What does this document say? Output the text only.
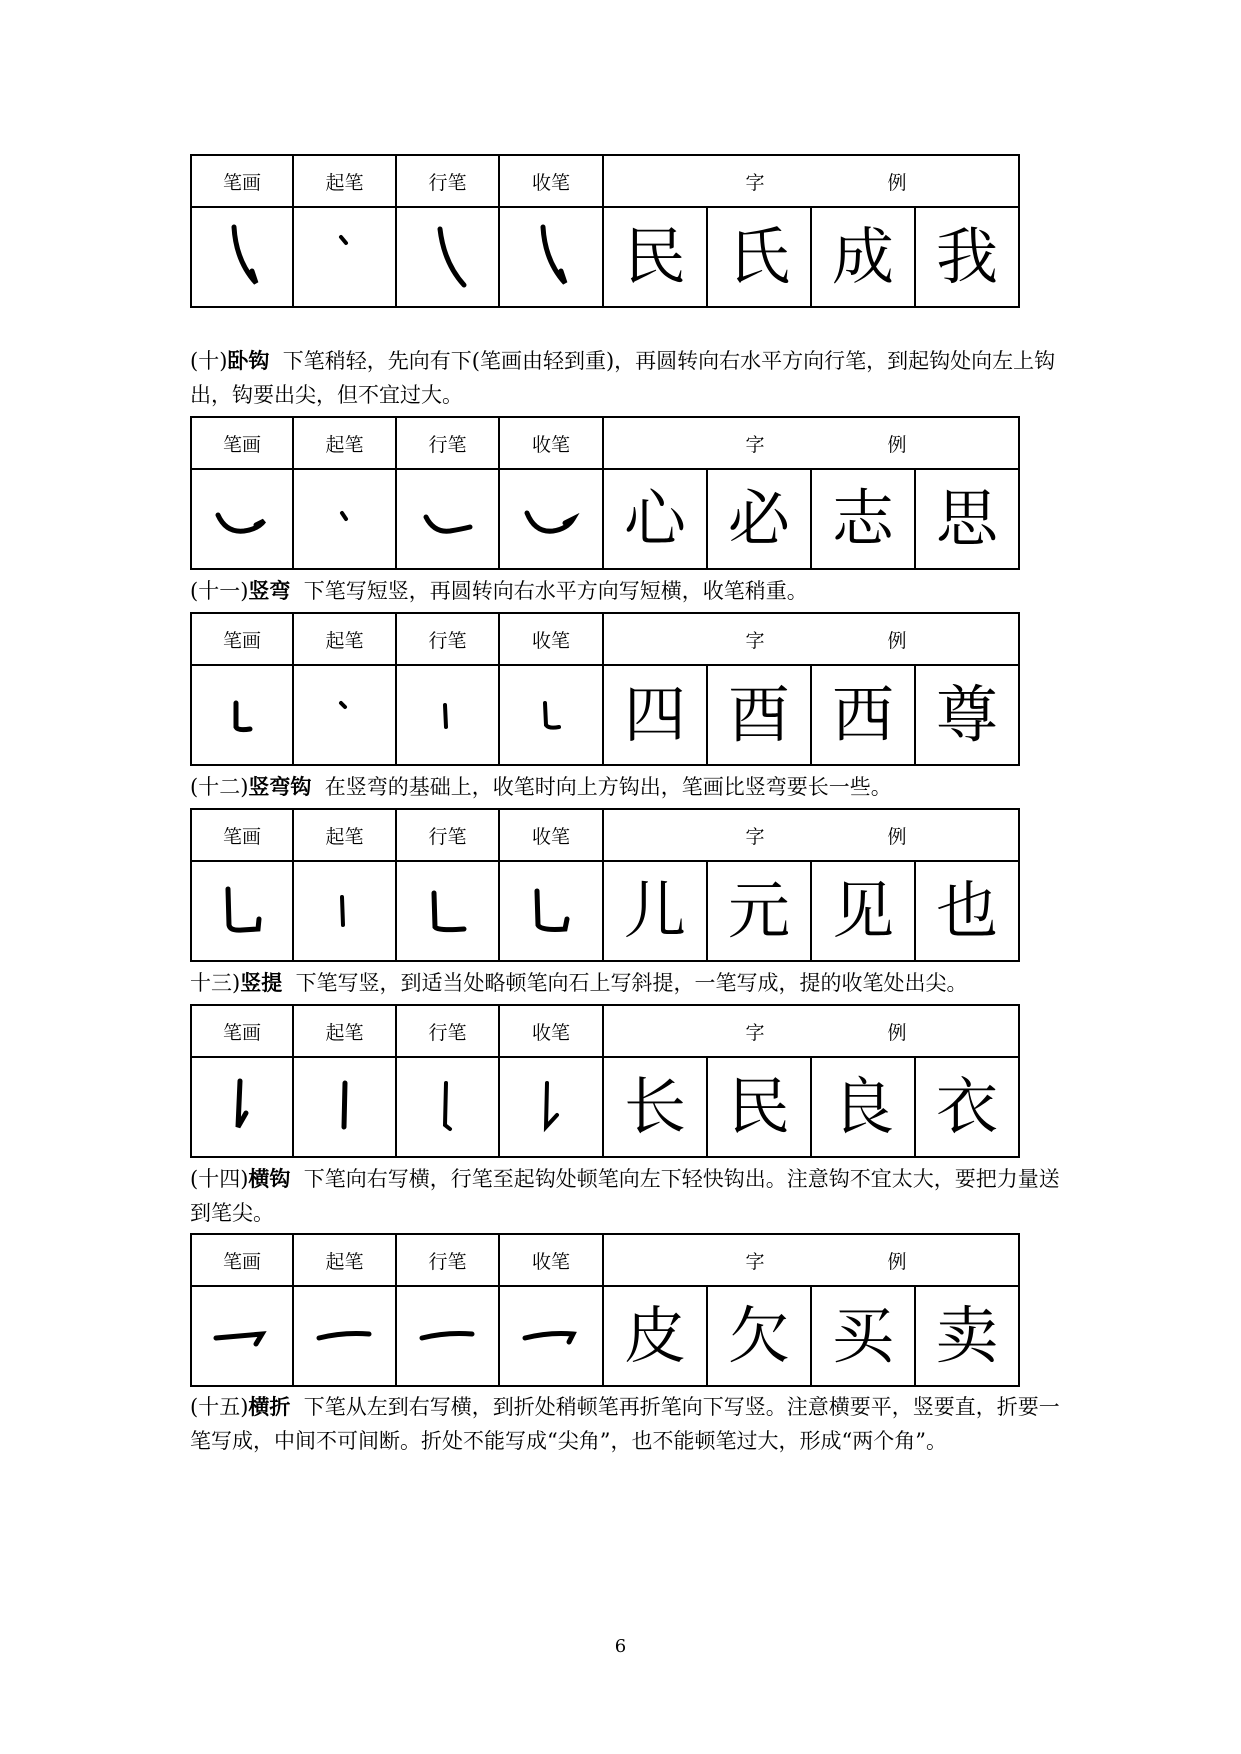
笔画	起笔	行笔	收笔	字	例

	民	氏	成	我
(十)卧钩 下笔稍轻，先向有下(笔画由轻到重)，再圆转向右水平方向行笔，到起钩处向左上钩出，钩要出尖，但不宜过大。
笔画	起笔	行笔	收笔	字	例

	心	必	志	思
(十一)竖弯 下笔写短竖，再圆转向右水平方向写短横，收笔稍重。
笔画	起笔	行笔	收笔	字	例

	四	酉	西	尊
(十二)竖弯钩 在竖弯的基础上，收笔时向上方钩出，笔画比竖弯要长一些。
笔画	起笔	行笔	收笔	字	例

	儿	元	见	也
十三)竖提 下笔写竖，到适当处略顿笔向石上写斜提，一笔写成，提的收笔处出尖。
笔画	起笔	行笔	收笔	字	例

	长	民	良	衣
(十四)横钩 下笔向右写横，行笔至起钩处顿笔向左下轻快钩出。注意钩不宜太大，要把力量送到笔尖。
笔画	起笔	行笔	收笔	字	例

	皮	欠	买	卖
(十五)横折 下笔从左到右写横，到折处稍顿笔再折笔向下写竖。注意横要平，竖要直，折要一笔写成，中间不可间断。折处不能写成“尖角”，也不能顿笔过大，形成“两个角”。
6
